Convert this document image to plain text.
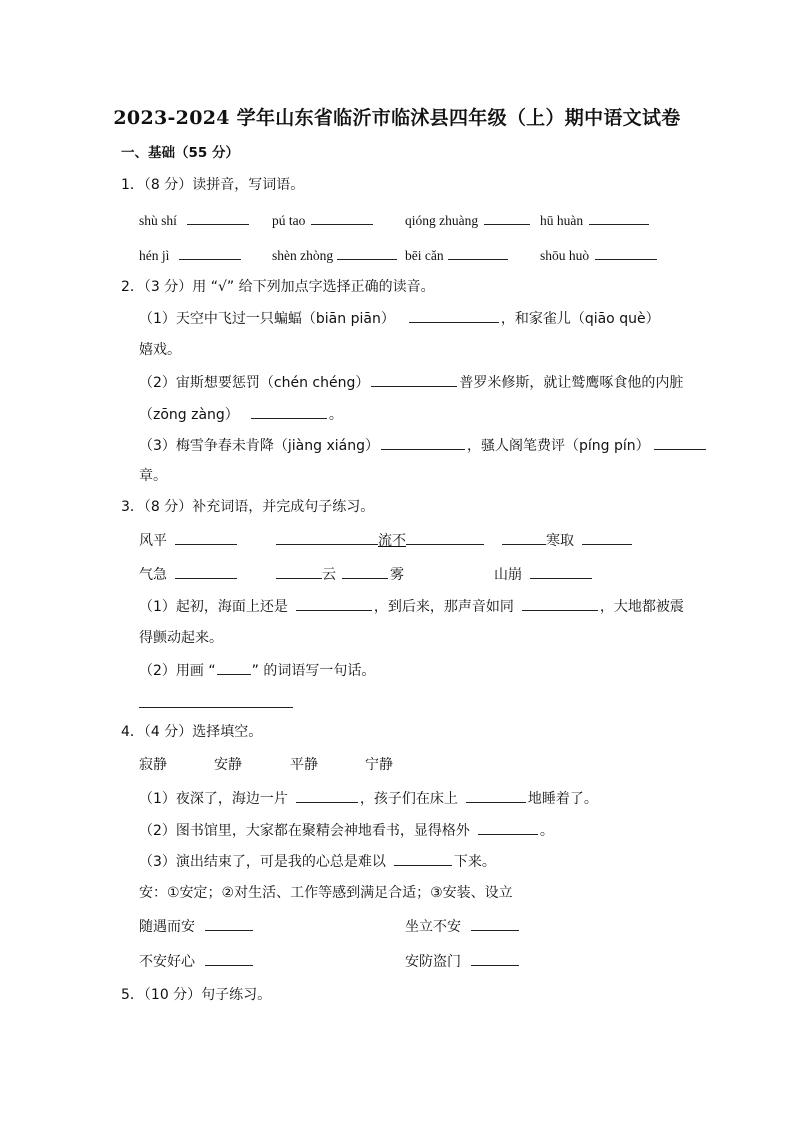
2023-2024 学年山东省临沂市临沭县四年级（上）期中语文试卷
一、基础（55 分）
1．（8 分）读拼音，写词语。
shù shí	pú tao	qióng zhuàng	hū huàn
hén jì	shèn zhòng	bēi cǎn	shōu huò
2．（3 分）用 “√” 给下列加点字选择正确的读音。
（1）天空中飞过一只蝙蝠（biān piān）	，和家雀儿（qiāo què）
嬉戏。
（2）宙斯想要惩罚（chén chéng）	普罗米修斯，就让鹫鹰啄食他的内脏
（zōng zàng）	。
（3）梅雪争春未肯降（jiàng xiáng）	，骚人阁笔费评（píng pín）
章。
3．（8 分）补充词语，并完成句子练习。
风平	流不	寒取
气急	云	雾	山崩
（1）起初，海面上还是	，到后来，那声音如同	，大地都被震
得颤动起来。
（2）用画 “	” 的词语写一句话。
4．（4 分）选择填空。
寂静	安静	平静	宁静
（1）夜深了，海边一片	，孩子们在床上	地睡着了。
（2）图书馆里，大家都在聚精会神地看书，显得格外	。
（3）演出结束了，可是我的心总是难以	下来。
安：①安定；②对生活、工作等感到满足合适；③安装、设立
随遇而安	坐立不安
不安好心	安防盗门
5．（10 分）句子练习。
